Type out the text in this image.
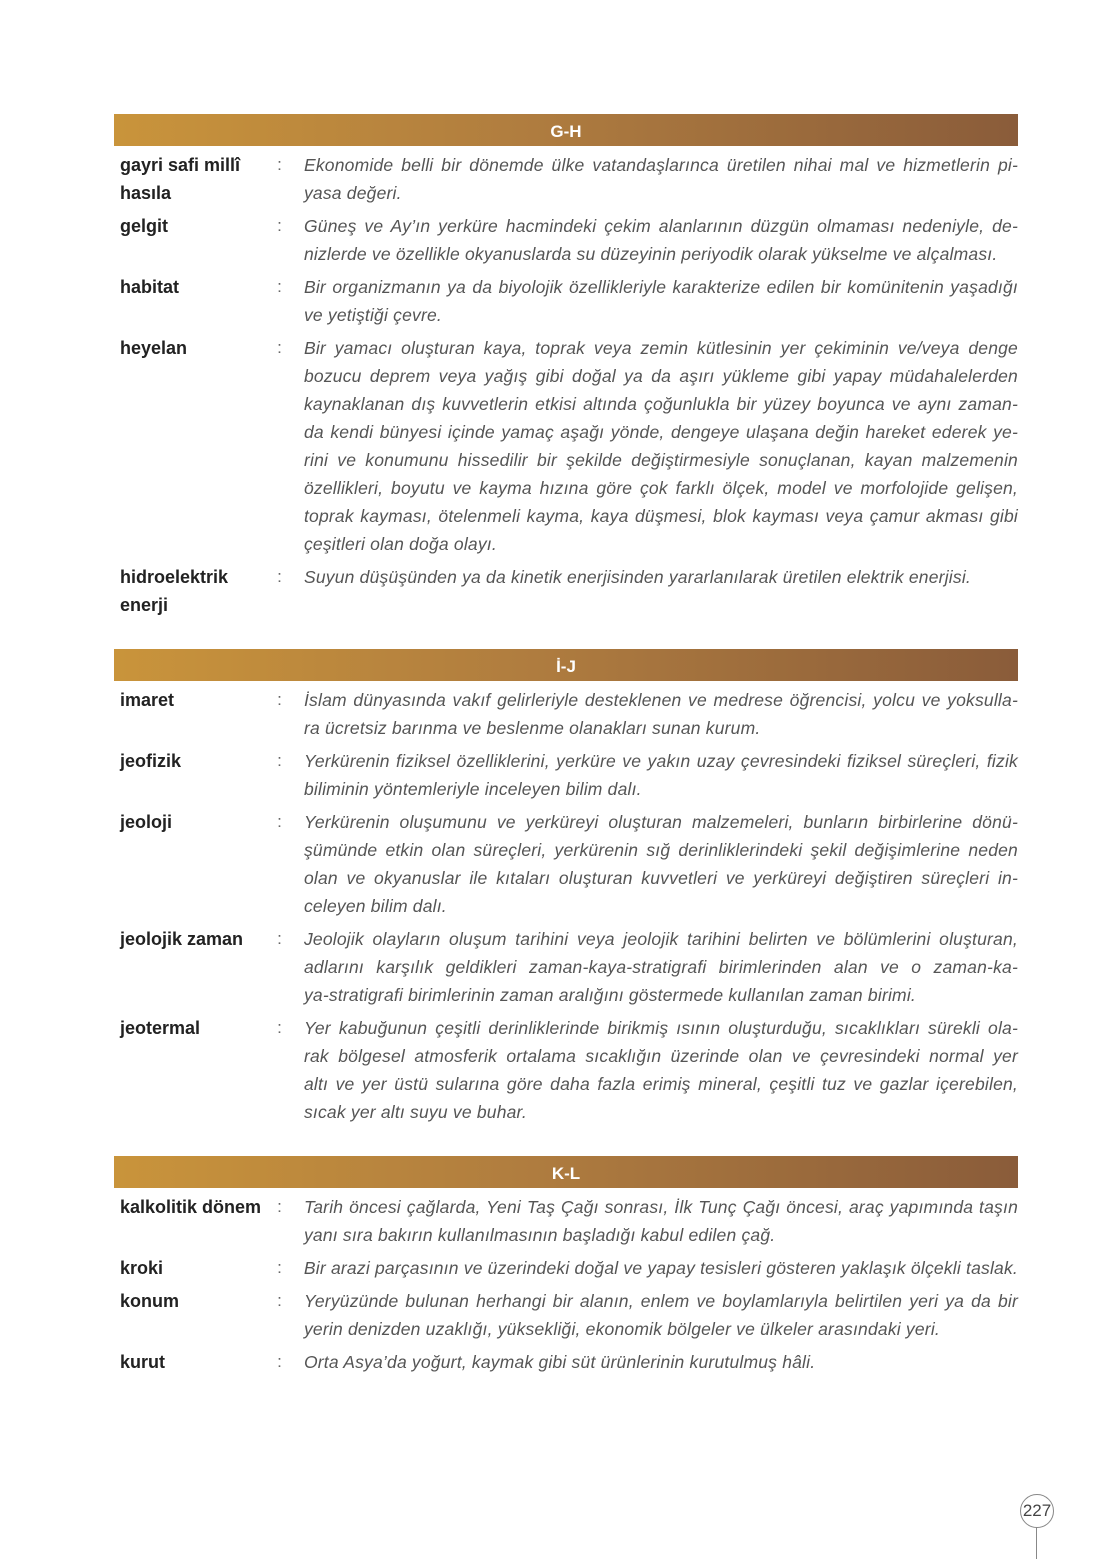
G-H
gayri safi millî
hasıla
:	Ekonomide belli bir dönemde ülke vatandaşlarınca üretilen nihai mal ve hizmetlerin pi-
yasa değeri.
gelgit	:	Güneş ve Ay’ın yerküre hacmindeki çekim alanlarının düzgün olmaması nedeniyle, de-
nizlerde ve özellikle okyanuslarda su düzeyinin periyodik olarak yükselme ve alçalması.
habitat	:	Bir organizmanın ya da biyolojik özellikleriyle karakterize edilen bir komünitenin yaşadığı
ve yetiştiği çevre.
heyelan	:	Bir yamacı oluşturan kaya, toprak veya zemin kütlesinin yer çekiminin ve/veya denge
bozucu deprem veya yağış gibi doğal ya da aşırı yükleme gibi yapay müdahalelerden
kaynaklanan dış kuvvetlerin etkisi altında çoğunlukla bir yüzey boyunca ve aynı zaman-
da kendi bünyesi içinde yamaç aşağı yönde, dengeye ulaşana değin hareket ederek ye-
rini ve konumunu hissedilir bir şekilde değiştirmesiyle sonuçlanan, kayan malzemenin
özellikleri, boyutu ve kayma hızına göre çok farklı ölçek, model ve morfolojide gelişen,
toprak kayması, ötelenmeli kayma, kaya düşmesi, blok kayması veya çamur akması gibi
çeşitleri olan doğa olayı.
hidroelektrik
enerji
:	Suyun düşüşünden ya da kinetik enerjisinden yararlanılarak üretilen elektrik enerjisi.
İ-J
imaret	:	İslam dünyasında vakıf gelirleriyle desteklenen ve medrese öğrencisi, yolcu ve yoksulla-
ra ücretsiz barınma ve beslenme olanakları sunan kurum.
jeofizik	:	Yerkürenin fiziksel özelliklerini, yerküre ve yakın uzay çevresindeki fiziksel süreçleri, fizik
biliminin yöntemleriyle inceleyen bilim dalı.
jeoloji	:	Yerkürenin oluşumunu ve yerküreyi oluşturan malzemeleri, bunların birbirlerine dönü-
şümünde etkin olan süreçleri, yerkürenin sığ derinliklerindeki şekil değişimlerine neden
olan ve okyanuslar ile kıtaları oluşturan kuvvetleri ve yerküreyi değiştiren süreçleri in-
celeyen bilim dalı.
jeolojik zaman	:	Jeolojik olayların oluşum tarihini veya jeolojik tarihini belirten ve bölümlerini oluşturan,
adlarını karşılık geldikleri zaman-kaya-stratigrafi birimlerinden alan ve o zaman-ka-
ya-stratigrafi birimlerinin zaman aralığını göstermede kullanılan zaman birimi.
jeotermal	:	Yer kabuğunun çeşitli derinliklerinde birikmiş ısının oluşturduğu, sıcaklıkları sürekli ola-
rak bölgesel atmosferik ortalama sıcaklığın üzerinde olan ve çevresindeki normal yer
altı ve yer üstü sularına göre daha fazla erimiş mineral, çeşitli tuz ve gazlar içerebilen,
sıcak yer altı suyu ve buhar.
K-L
kalkolitik dönem :	Tarih öncesi çağlarda, Yeni Taş Çağı sonrası, İlk Tunç Çağı öncesi, araç yapımında taşın
yanı sıra bakırın kullanılmasının başladığı kabul edilen çağ.
kroki	:	Bir arazi parçasının ve üzerindeki doğal ve yapay tesisleri gösteren yaklaşık ölçekli taslak.
konum	:	Yeryüzünde bulunan herhangi bir alanın, enlem ve boylamlarıyla belirtilen yeri ya da bir
yerin denizden uzaklığı, yüksekliği, ekonomik bölgeler ve ülkeler arasındaki yeri.
kurut	:	Orta Asya’da yoğurt, kaymak gibi süt ürünlerinin kurutulmuş hâli.
227
